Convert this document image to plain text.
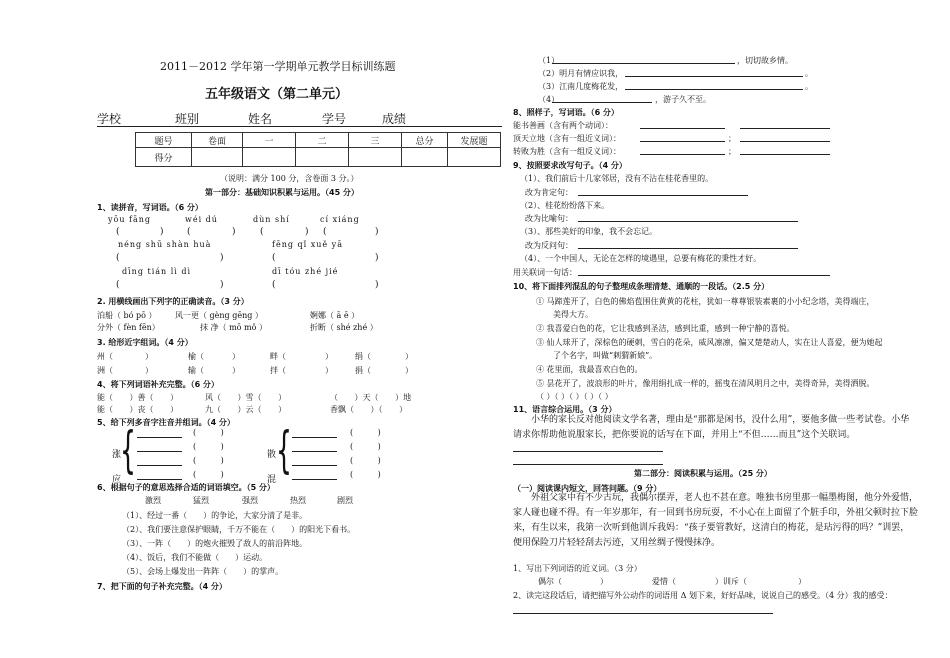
2011－2012 学年第一学期单元教学目标训练题
五年级语文（第二单元）
学校	班别	姓名	学号	成绩
题号	卷面	一	二	三	总分	发展题
得分						
（说明：满分 100 分，含卷面 3 分。）
第一部分：基础知识积累与运用。（45 分）
1、读拼音，写词语。（6 分）
yōu fāng	wéi dú	dùn shí	cí xiáng
(	)	(	)	(	) (	)
néng shū shàn huà	fēng qǐ xuě yā
(	)	(	)
dīng tián lì dì	dī tóu zhé jié
(	)	(	)
2. 用横线画出下列字的正确读音。（3 分）
泊船（ bó pō ） 风一更（ gèng gēng ）	婀娜（ ā ē ）
分外（ fèn fēn）	抹 净（ mō mǒ ）	折断（ shé zhé ）
3. 给形近字组词。（4 分）
州（	）	榆（	）	畔（	）	绢（	）
洲（	）	输（	）	拌（	）	捐（	）
4、将下列词语补充完整。（6 分）
能（ ）善（ ）	风（ ）雪（ ）	（ ）天（ ）地
能（ ）丧（ ）	九（ ）云（ ）	香飘（ ）（ ）
5、给下列多音字注音并组词。（4 分）
涨
应
{	( )
( )
( )
( )
散
混
{	( )
( )
( )
( )
6、根据句子的意思选择合适的词语填空。（5 分）
激烈	猛烈	强烈	热烈	剧烈
（1）、经过一番（　　）的争论，大家分清了是非。
（2）、我们要注意保护眼睛，千万不能在（　　）的阳光下看书。
（3）、一阵（　　）的炮火摧毁了敌人的前沿阵地。
（4）、饭后，我们不能做（　　）运动。
（5）、会场上爆发出一阵阵（　　）的掌声。
7、把下面的句子补充完整。（4 分）
（1）	，切切故乡情。
（2）明月有情应识我，	。
（3）江南几度梅花发，	。
（4）	，游子久不至。
8、照样子，写词语。（6 分）
能书善画（含有两个动词）：
顶天立地（含有一组近义词）：	；
转败为胜（含有一组反义词）：	；
9、按照要求改写句子。（4 分）
（1）、我们前后十几家邻居，没有不沾在桂花香里的。
改为肯定句：
（2）、桂花纷纷落下来。
改为比喻句：
（3）、那些美好的印象，我不会忘记。
改为反问句：
（4）、一个中国人，无论在怎样的境遇里，总要有梅花的秉性才好。
用关联词一句话：
10、将下面排列混乱的句子整理成条理清楚、通顺的一段话。（2.5 分）
① 马蹄莲开了，白色的佛焰苞围住黄黄的花柱，犹如一尊尊银装素裹的小小纪念塔，美得端庄，
美得大方。
② 我喜爱白色的花，它让我感到圣洁，感到比重，感到一种宁静的喜悦。
③ 仙人球开了，深棕色的硬刺，雪白的花朵，威风凛凛，偏又楚楚动人，实在让人喜爱，便为她起
了个名字，叫做“刺猬新娘”。
④ 花里面，我最喜欢白色的。
⑤ 昙花开了，波浪形的叶片，像用绢扎成一样的，摇曳在清风明月之中，美得奇异，美得洒脱。
（ ）（ ）（ ）（ ）（ ）
11、语言综合运用。（3 分）
小华的家长反对他阅读文学名著，理由是“那都是闲书，没什么用”，要他多做一些考试卷。小华请求你帮助他说服家长，把你要说的话写在下面，并用上“不但……而且”这个关联词。
第二部分：阅读积累与运用。（25 分）
（一）阅读课内短文，回答问题。（9 分）
外祖父家中有不少古玩，我偶尔摆弄，老人也不甚在意。唯独书房里那一幅墨梅图，他分外爱惜，家人碰也碰不得。有一年岁那年，有一回到书房玩耍，不小心在上面留了个脏手印，外祖父顿时拉下脸来，有生以来，我第一次听到他训斥我妈：“孩子要管教好，这清白的梅花，是玷污得的吗？”训罢，便用保险刀片轻轻刮去污迹，又用丝绸子慢慢抹净。
1、写出下列词语的近义词。（3 分）
偶尔（	）	爱惜（	）训斥（	）
2、读完这段话后，请把描写外公动作的词语用 Δ 划下来，好好品味，说说自己的感受。（4 分）我的感受：
